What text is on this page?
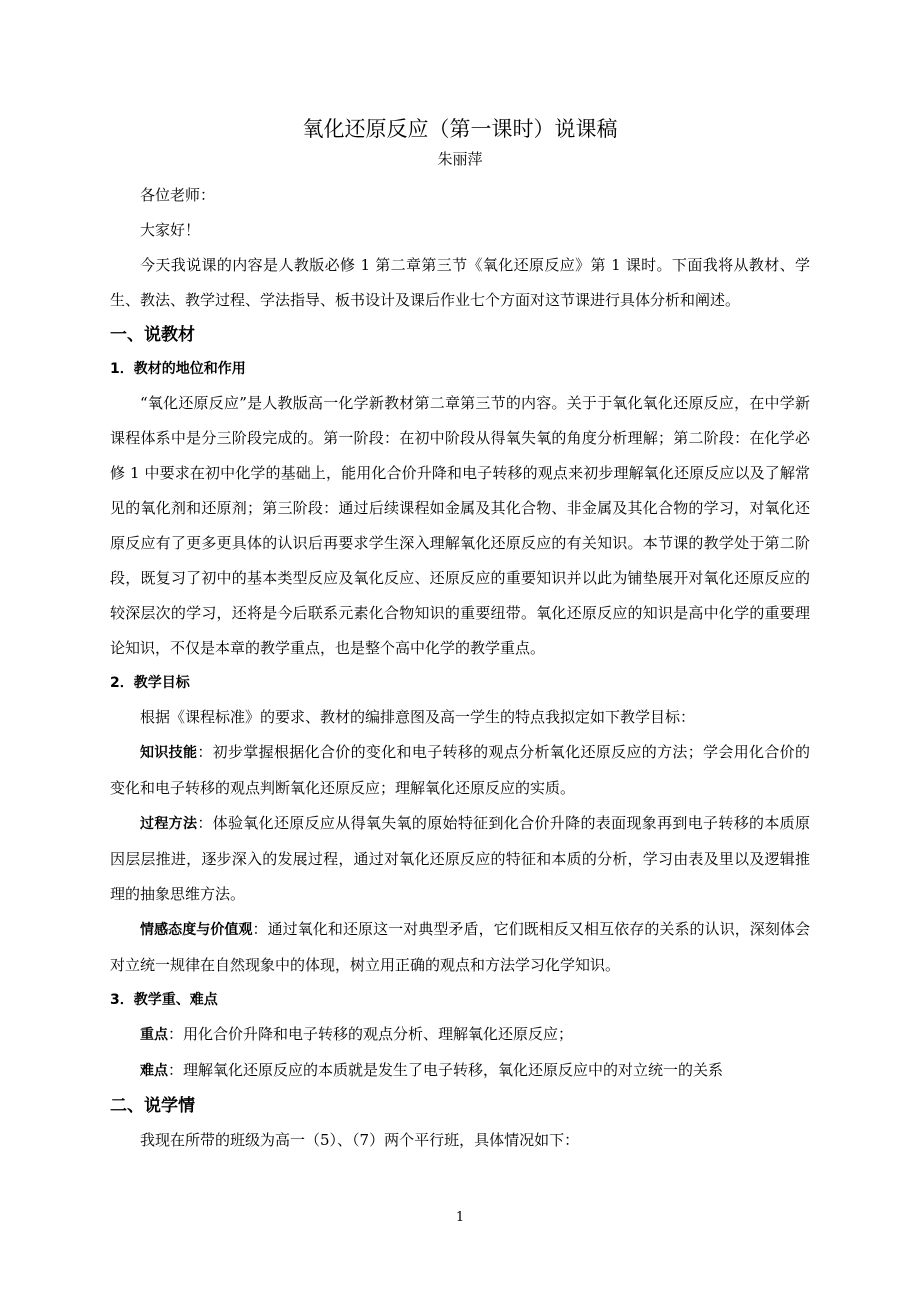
氧化还原反应（第一课时）说课稿
朱丽萍

各位老师：

大家好！

今天我说课的内容是人教版必修 1 第二章第三节《氧化还原反应》第 1 课时。下面我将从教材、学生、教法、教学过程、学法指导、板书设计及课后作业七个方面对这节课进行具体分析和阐述。

一、说教材
1．教材的地位和作用

“氧化还原反应”是人教版高一化学新教材第二章第三节的内容。关于于氧化氧化还原反应，在中学新课程体系中是分三阶段完成的。第一阶段：在初中阶段从得氧失氧的角度分析理解；第二阶段：在化学必修 1 中要求在初中化学的基础上，能用化合价升降和电子转移的观点来初步理解氧化还原反应以及了解常见的氧化剂和还原剂；第三阶段：通过后续课程如金属及其化合物、非金属及其化合物的学习，对氧化还原反应有了更多更具体的认识后再要求学生深入理解氧化还原反应的有关知识。本节课的教学处于第二阶段，既复习了初中的基本类型反应及氧化反应、还原反应的重要知识并以此为铺垫展开对氧化还原反应的较深层次的学习，还将是今后联系元素化合物知识的重要纽带。氧化还原反应的知识是高中化学的重要理论知识，不仅是本章的教学重点，也是整个高中化学的教学重点。

2．教学目标

根据《课程标准》的要求、教材的编排意图及高一学生的特点我拟定如下教学目标：

知识技能：初步掌握根据化合价的变化和电子转移的观点分析氧化还原反应的方法；学会用化合价的变化和电子转移的观点判断氧化还原反应；理解氧化还原反应的实质。

过程方法：体验氧化还原反应从得氧失氧的原始特征到化合价升降的表面现象再到电子转移的本质原因层层推进，逐步深入的发展过程，通过对氧化还原反应的特征和本质的分析，学习由表及里以及逻辑推理的抽象思维方法。

情感态度与价值观：通过氧化和还原这一对典型矛盾，它们既相反又相互依存的关系的认识，深刻体会对立统一规律在自然现象中的体现，树立用正确的观点和方法学习化学知识。

3．教学重、难点

重点：用化合价升降和电子转移的观点分析、理解氧化还原反应；

难点：理解氧化还原反应的本质就是发生了电子转移，氧化还原反应中的对立统一的关系

二、说学情

我现在所带的班级为高一（5）、（7）两个平行班，具体情况如下：

1
